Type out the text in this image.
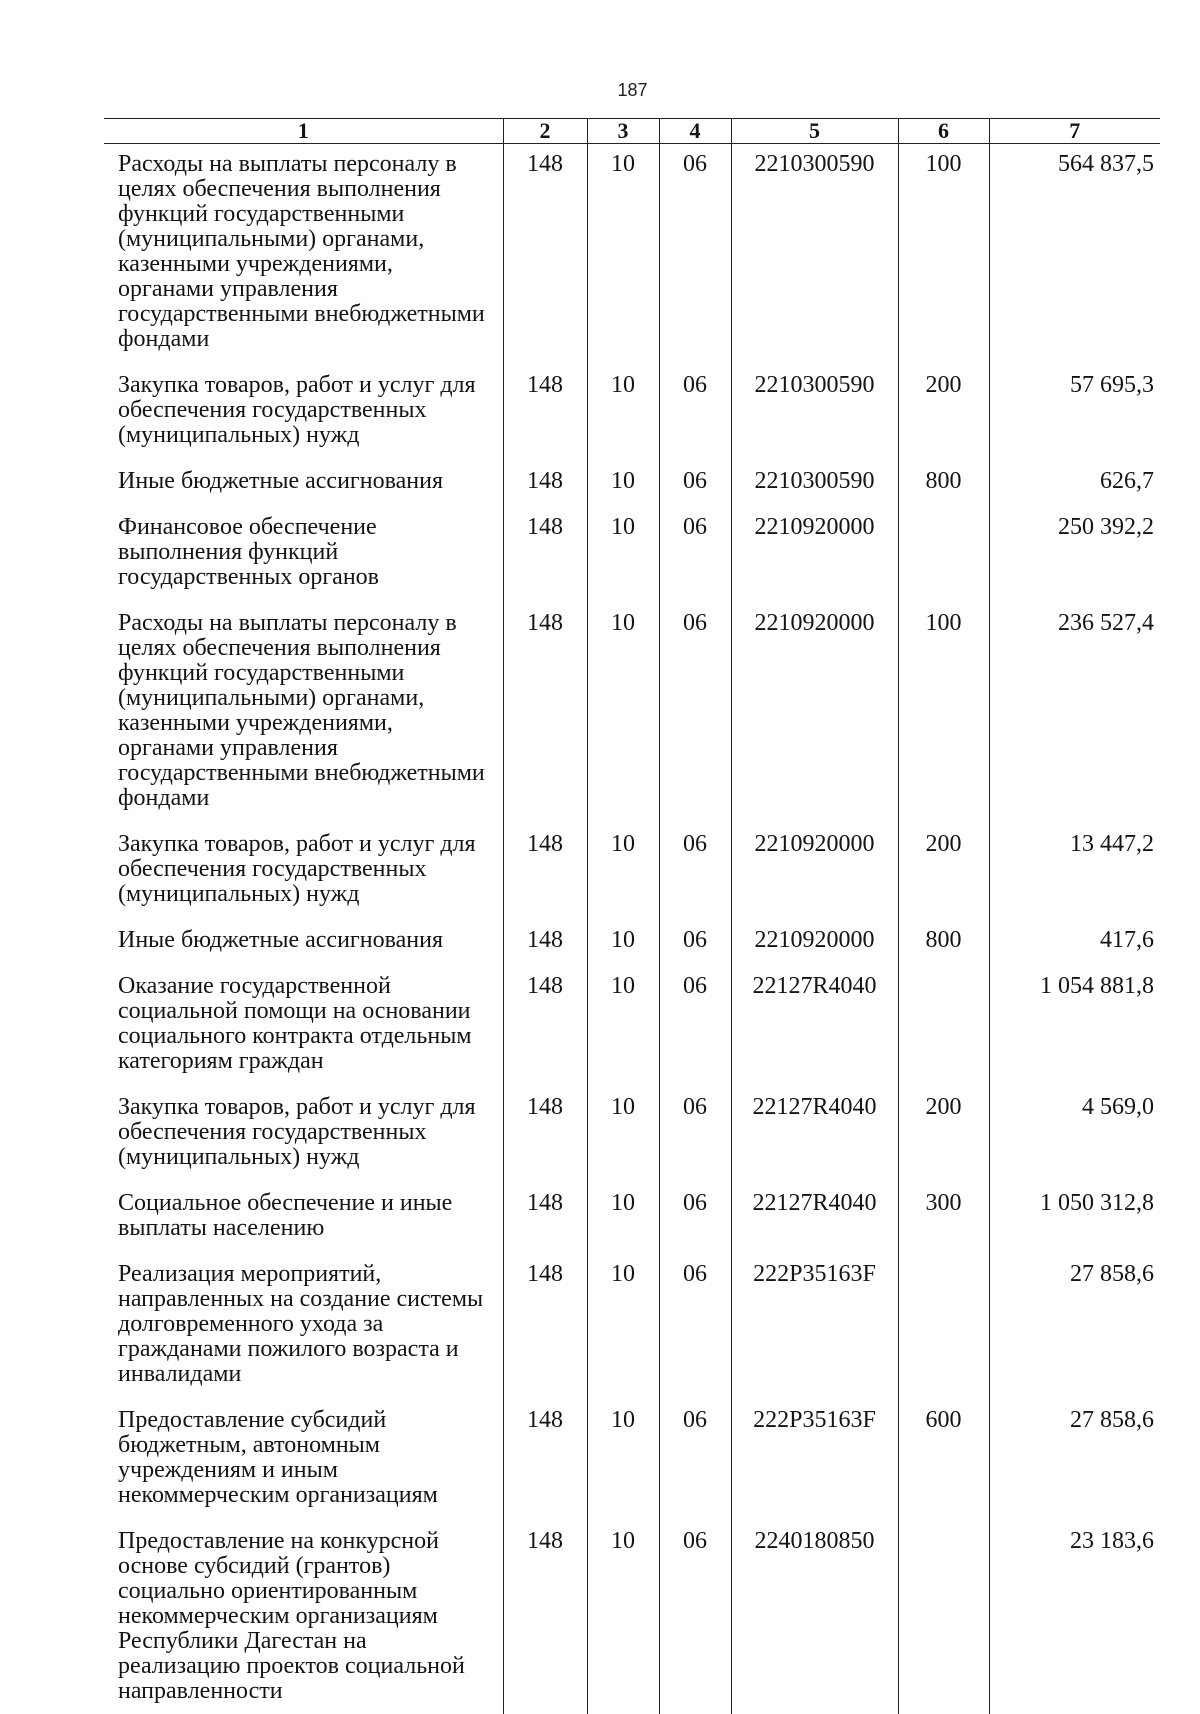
187
1	2	3	4	5	6	7
Расходы на выплаты персоналу в целях обеспечения выполнения функций государственными (муниципальными) органами, казенными учреждениями, органами управления государственными внебюджетными фондами	148	10	06	2210300590	100	564 837,5
Закупка товаров, работ и услуг для обеспечения государственных (муниципальных) нужд	148	10	06	2210300590	200	57 695,3
Иные бюджетные ассигнования	148	10	06	2210300590	800	626,7
Финансовое обеспечение выполнения функций государственных органов	148	10	06	2210920000		250 392,2
Расходы на выплаты персоналу в целях обеспечения выполнения функций государственными (муниципальными) органами, казенными учреждениями, органами управления государственными внебюджетными фондами	148	10	06	2210920000	100	236 527,4
Закупка товаров, работ и услуг для обеспечения государственных (муниципальных) нужд	148	10	06	2210920000	200	13 447,2
Иные бюджетные ассигнования	148	10	06	2210920000	800	417,6
Оказание государственной социальной помощи на основании социального контракта отдельным категориям граждан	148	10	06	22127R4040		1 054 881,8
Закупка товаров, работ и услуг для обеспечения государственных (муниципальных) нужд	148	10	06	22127R4040	200	4 569,0
Социальное обеспечение и иные выплаты населению	148	10	06	22127R4040	300	1 050 312,8
Реализация мероприятий, направленных на создание системы долговременного ухода за гражданами пожилого возраста и инвалидами	148	10	06	222P35163F		27 858,6
Предоставление субсидий бюджетным, автономным учреждениям и иным некоммерческим организациям	148	10	06	222P35163F	600	27 858,6
Предоставление на конкурсной основе субсидий (грантов) социально ориентированным некоммерческим организациям Республики Дагестан на реализацию проектов социальной направленности	148	10	06	2240180850		23 183,6
